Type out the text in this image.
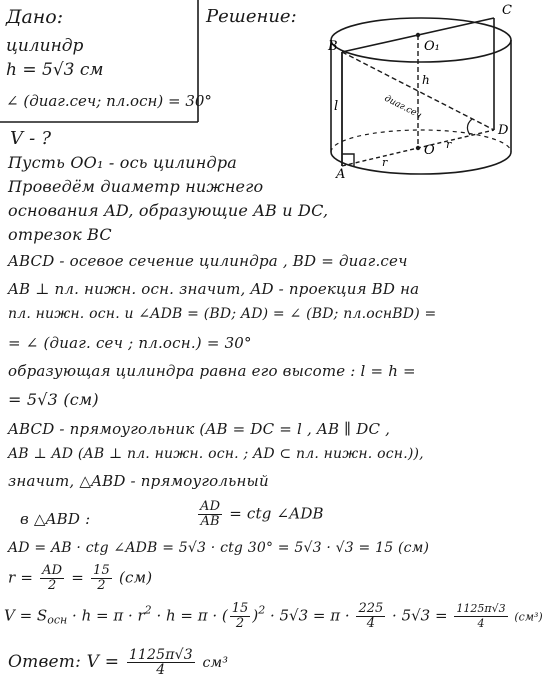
Дано:
цилиндр
h = 5√3 см
∠ (диаг.сеч; пл.осн) = 30°
Решение:
B
C
O₁
h
l	диаг.сеч
O r
r
D
A
V - ?
Пусть OO₁ - ось цилиндра
Проведём диаметр нижнего
основания AD, образующие AB и DC,
отрезок BC
ABCD - осевое сечение цилиндра , BD = диаг.сеч
AB ⊥ пл. нижн. осн. значит, AD - проекция BD на
пл. нижн. осн. и ∠ADB = (BD; AD) = ∠ (BD; пл.оснBD) =
= ∠ (диаг. сеч ; пл.осн.) = 30°
образующая цилиндра равна его высоте : l = h =
= 5√3 (см)
ABCD - прямоугольник (AB = DC = l , AB ∥ DC ,
AB ⊥ AD (AB ⊥ пл. нижн. осн. ; AD ⊂ пл. нижн. осн.)),
значит, △ABD - прямоугольный
в △ABD :	$\frac{AD}{AB}$ = ctg ∠ADB
AD = AB · ctg ∠ADB = 5√3 · ctg 30° = 5√3 · √3 = 15 (см)
$r = \frac{AD}{2} = \frac{15}{2} (см)$
$V = S_{осн} \cdot h = \pi \cdot r^2 \cdot h = \pi$ · ( $\frac{15}{2} )^2 \cdot 5√3 = \pi \cdot \frac{225}{4} \cdot 5√3 = \frac{1125\pi√3}{4} (см^3)$
Ответ: $V = \frac{1125\pi√3}{4} см^3$
